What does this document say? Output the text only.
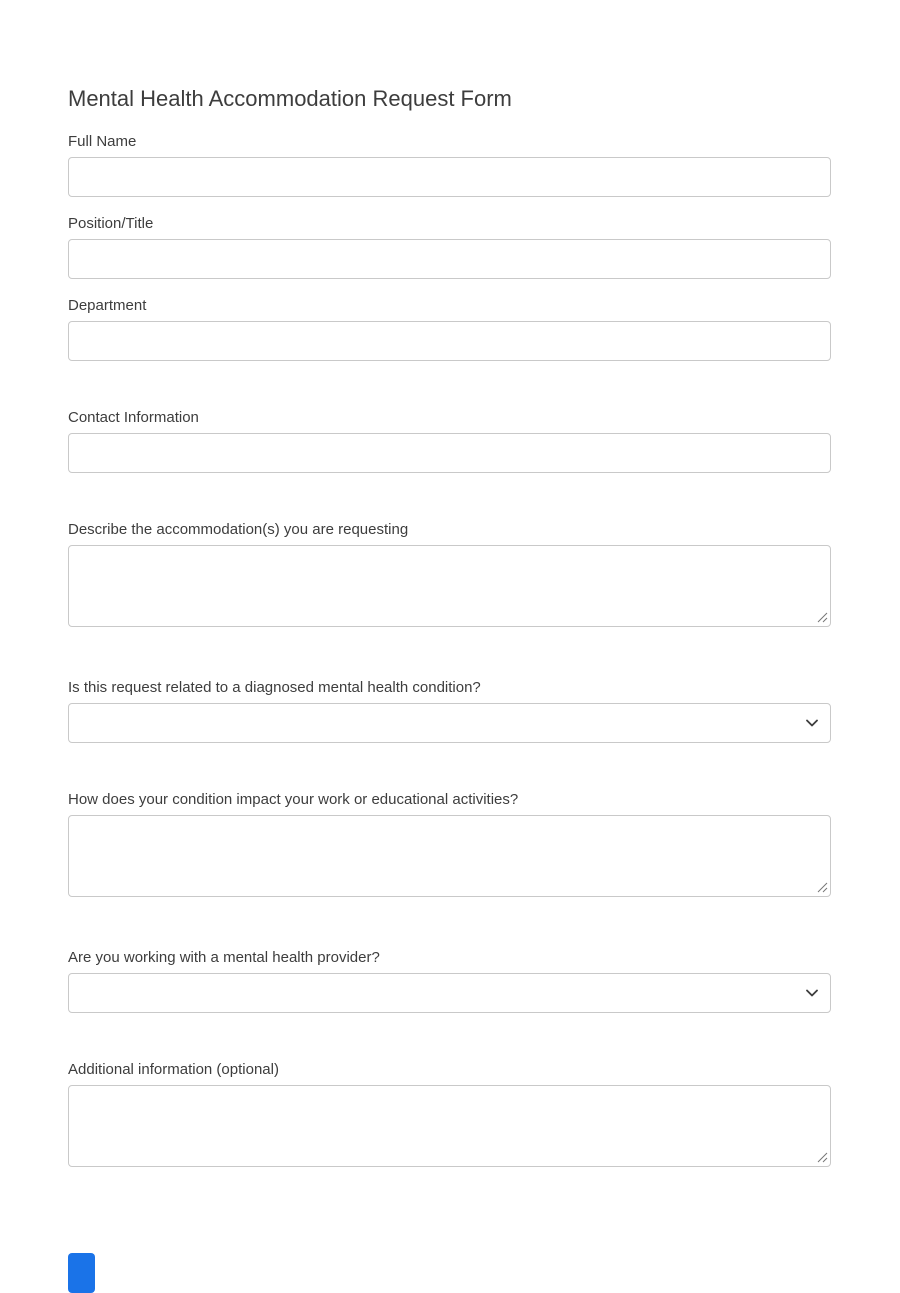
Mental Health Accommodation Request Form
Full Name
Position/Title
Department
Contact Information
Describe the accommodation(s) you are requesting
Is this request related to a diagnosed mental health condition?
How does your condition impact your work or educational activities?
Are you working with a mental health provider?
Additional information (optional)
